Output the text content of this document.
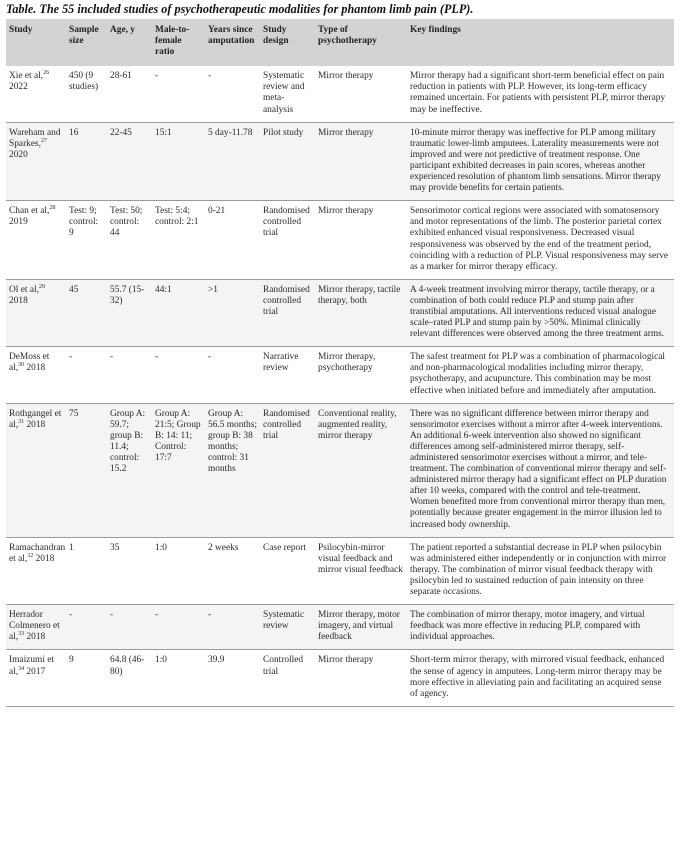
Table. The 55 included studies of psychotherapeutic modalities for phantom limb pain (PLP).
Study	Sample size	Age, y	Male-to-female ratio	Years since amputation	Study design	Type of psychotherapy	Key findings
Xie et al,$^{26}$ 2022	450 (9 studies)	28-61	-	-	Systematic review and meta-analysis	Mirror therapy	Mirror therapy had a significant short-term beneficial effect on pain reduction in patients with PLP. However, its long-term efficacy remained uncertain. For patients with persistent PLP, mirror therapy may be ineffective.
Wareham and Sparkes,$^{27}$ 2020	16	22-45	15:1	5 day-11.78	Pilot study	Mirror therapy	10-minute mirror therapy was ineffective for PLP among military traumatic lower-limb amputees. Laterality measurements were not improved and were not predictive of treatment response. One participant exhibited decreases in pain scores, whereas another experienced resolution of phantom limb sensations. Mirror therapy may provide benefits for certain patients.
Chan et al,$^{28}$ 2019	Test: 9; control: 9	Test: 50; control: 44	Test: 5:4; control: 2:1	0-21	Randomised controlled trial	Mirror therapy	Sensorimotor cortical regions were associated with somatosensory and motor representations of the limb. The posterior parietal cortex exhibited enhanced visual responsiveness. Decreased visual responsiveness was observed by the end of the treatment period, coinciding with a reduction of PLP. Visual responsiveness may serve as a marker for mirror therapy efficacy.
Ol et al,$^{29}$ 2018	45	55.7 (15-32)	44:1	>1	Randomised controlled trial	Mirror therapy, tactile therapy, both	A 4-week treatment involving mirror therapy, tactile therapy, or a combination of both could reduce PLP and stump pain after transtibial amputations. All interventions reduced visual analogue scale–rated PLP and stump pain by >50%. Minimal clinically relevant differences were observed among the three treatment arms.
DeMoss et al,$^{30}$ 2018	-	-	-	-	Narrative review	Mirror therapy, psychotherapy	The safest treatment for PLP was a combination of pharmacological and non-pharmacological modalities including mirror therapy, psychotherapy, and acupuncture. This combination may be most effective when initiated before and immediately after amputation.
Rothgangel et al,$^{31}$ 2018	75	Group A: 59.7; group B: 11.4; control: 15.2	Group A: 21:5; Group B: 14: 11; Control: 17:7	Group A: 56.5 months; group B: 38 months; control: 31 months	Randomised controlled trial	Conventional reality, augmented reality, mirror therapy	There was no significant difference between mirror therapy and sensorimotor exercises without a mirror after 4-week interventions. An additional 6-week intervention also showed no significant differences among self-administered mirror therapy, self-administered sensorimotor exercises without a mirror, and tele-treatment. The combination of conventional mirror therapy and self-administered mirror therapy had a significant effect on PLP duration after 10 weeks, compared with the control and tele-treatment. Women benefited more from conventional mirror therapy than men, potentially because greater engagement in the mirror illusion led to increased body ownership.
Ramachandran et al,$^{32}$ 2018	1	35	1:0	2 weeks	Case report	Psilocybin-mirror visual feedback and mirror visual feedback	The patient reported a substantial decrease in PLP when psilocybin was administered either independently or in conjunction with mirror therapy. The combination of mirror visual feedback therapy with psilocybin led to sustained reduction of pain intensity on three separate occasions.
Herrador Colmenero et al,$^{33}$ 2018	-	-	-	-	Systematic review	Mirror therapy, motor imagery, and virtual feedback	The combination of mirror therapy, motor imagery, and virtual feedback was more effective in reducing PLP, compared with individual approaches.
Imaizumi et al,$^{34}$ 2017	9	64.8 (46-80)	1:0	39.9	Controlled trial	Mirror therapy	Short-term mirror therapy, with mirrored visual feedback, enhanced the sense of agency in amputees. Long-term mirror therapy may be more effective in alleviating pain and facilitating an acquired sense of agency.
